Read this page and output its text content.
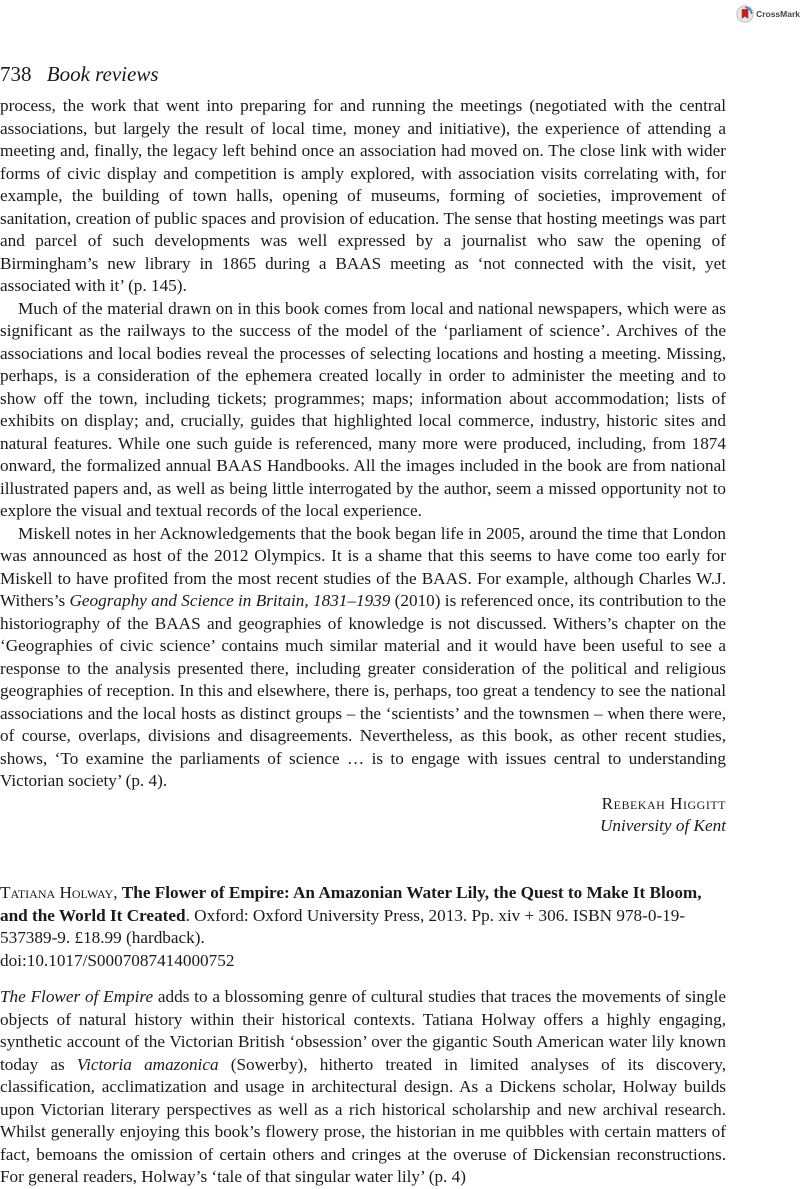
CrossMark
738 Book reviews

process, the work that went into preparing for and running the meetings (negotiated with the central associations, but largely the result of local time, money and initiative), the experience of attending a meeting and, finally, the legacy left behind once an association had moved on. The close link with wider forms of civic display and competition is amply explored, with association visits correlating with, for example, the building of town halls, opening of museums, forming of societies, improvement of sanitation, creation of public spaces and provision of education. The sense that hosting meetings was part and parcel of such developments was well expressed by a journalist who saw the opening of Birmingham’s new library in 1865 during a BAAS meeting as ‘not connected with the visit, yet associated with it’ (p. 145).

Much of the material drawn on in this book comes from local and national newspapers, which were as significant as the railways to the success of the model of the ‘parliament of science’. Archives of the associations and local bodies reveal the processes of selecting locations and hosting a meeting. Missing, perhaps, is a consideration of the ephemera created locally in order to administer the meeting and to show off the town, including tickets; programmes; maps; information about accommodation; lists of exhibits on display; and, crucially, guides that highlighted local commerce, industry, historic sites and natural features. While one such guide is referenced, many more were produced, including, from 1874 onward, the formalized annual BAAS Handbooks. All the images included in the book are from national illustrated papers and, as well as being little interrogated by the author, seem a missed opportunity not to explore the visual and textual records of the local experience.

Miskell notes in her Acknowledgements that the book began life in 2005, around the time that London was announced as host of the 2012 Olympics. It is a shame that this seems to have come too early for Miskell to have profited from the most recent studies of the BAAS. For example, although Charles W.J. Withers’s Geography and Science in Britain, 1831–1939 (2010) is referenced once, its contribution to the historiography of the BAAS and geographies of knowledge is not discussed. Withers’s chapter on the ‘Geographies of civic science’ contains much similar material and it would have been useful to see a response to the analysis presented there, including greater consideration of the political and religious geographies of reception. In this and elsewhere, there is, perhaps, too great a tendency to see the national associations and the local hosts as distinct groups – the ‘scientists’ and the townsmen – when there were, of course, overlaps, divisions and disagreements. Nevertheless, as this book, as other recent studies, shows, ‘To examine the parliaments of science … is to engage with issues central to understanding Victorian society’ (p. 4).

Rebekah Higgitt

University of Kent

Tatiana Holway, The Flower of Empire: An Amazonian Water Lily, the Quest to Make It Bloom, and the World It Created. Oxford: Oxford University Press, 2013. Pp. xiv + 306. ISBN 978-0-19-537389-9. £18.99 (hardback).
doi:10.1017/S0007087414000752

The Flower of Empire adds to a blossoming genre of cultural studies that traces the movements of single objects of natural history within their historical contexts. Tatiana Holway offers a highly engaging, synthetic account of the Victorian British ‘obsession’ over the gigantic South American water lily known today as Victoria amazonica (Sowerby), hitherto treated in limited analyses of its discovery, classification, acclimatization and usage in architectural design. As a Dickens scholar, Holway builds upon Victorian literary perspectives as well as a rich historical scholarship and new archival research. Whilst generally enjoying this book’s flowery prose, the historian in me quibbles with certain matters of fact, bemoans the omission of certain others and cringes at the overuse of Dickensian reconstructions. For general readers, Holway’s ‘tale of that singular water lily’ (p. 4)
